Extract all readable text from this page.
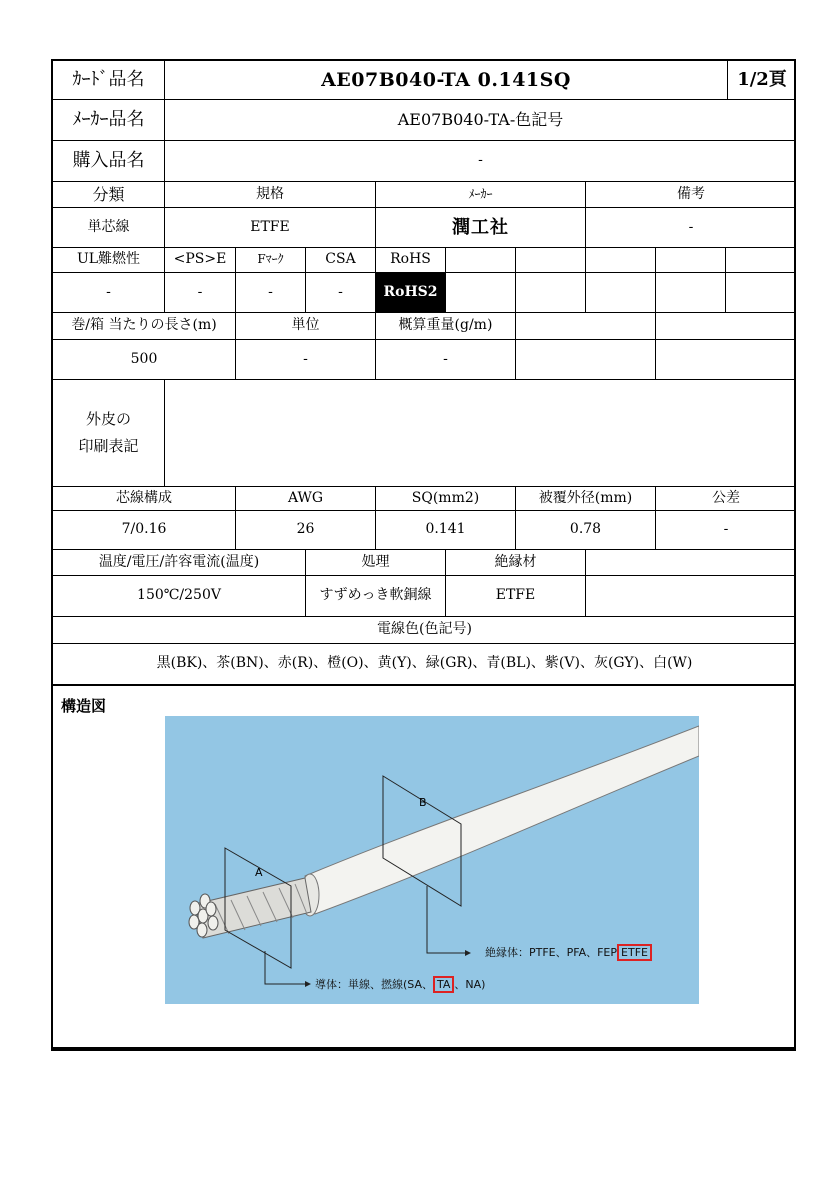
ｶｰﾄﾞ品名	AE07B040-TA 0.141SQ	1/2頁
ﾒｰｶｰ品名	AE07B040-TA-色記号
購入品名	-
分類	規格	ﾒｰｶｰ	備考
単芯線	ETFE	潤工社	-
UL難燃性	<PS>E	Fﾏｰｸ	CSA	RoHS
-	-	-	-	RoHS2
巻/箱 当たりの長さ(m)	単位	概算重量(g/m)
500	-	-
外皮の
印刷表記
芯線構成	AWG	SQ(mm2)	被覆外径(mm)	公差
7/0.16	26	0.141	0.78	-
温度/電圧/許容電流(温度)	処理	絶縁材
150℃/250V	すずめっき軟銅線	ETFE
電線色(色記号)
黒(BK)、茶(BN)、赤(R)、橙(O)、黄(Y)、緑(GR)、青(BL)、紫(V)、灰(GY)、白(W)
構造図
A
B
絶縁体：PTFE、PFA、FEP ETFE
導体：単線、撚線(SA、 TA 、NA)
